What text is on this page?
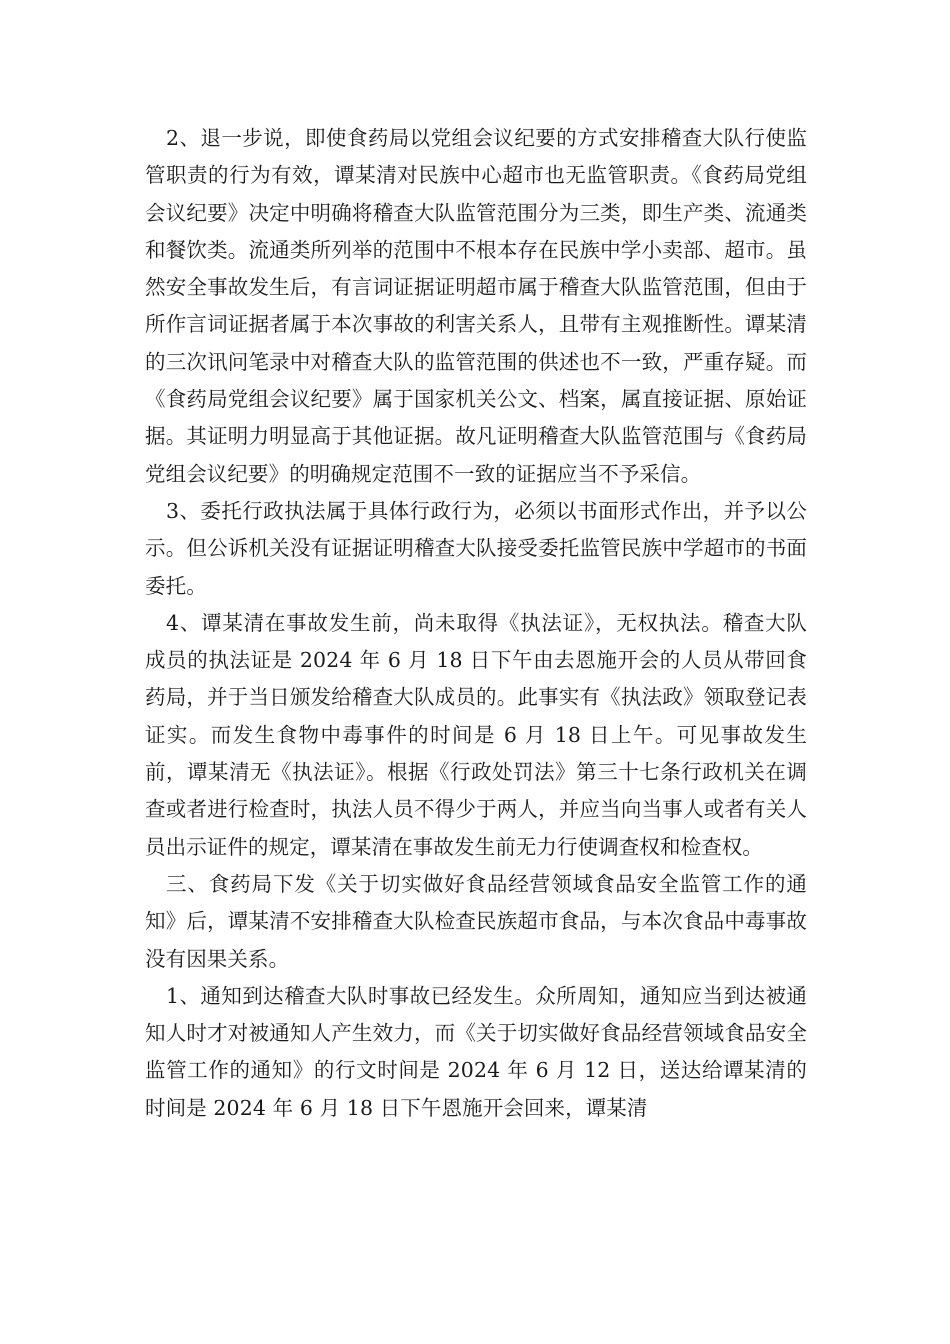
2、退一步说，即使食药局以党组会议纪要的方式安排稽查大队行使监管职责的行为有效，谭某清对民族中心超市也无监管职责。《食药局党组会议纪要》决定中明确将稽查大队监管范围分为三类，即生产类、流通类和餐饮类。流通类所列举的范围中不根本存在民族中学小卖部、超市。虽然安全事故发生后，有言词证据证明超市属于稽查大队监管范围，但由于所作言词证据者属于本次事故的利害关系人，且带有主观推断性。谭某清的三次讯问笔录中对稽查大队的监管范围的供述也不一致，严重存疑。而《食药局党组会议纪要》属于国家机关公文、档案，属直接证据、原始证据。其证明力明显高于其他证据。故凡证明稽查大队监管范围与《食药局党组会议纪要》的明确规定范围不一致的证据应当不予采信。

3、委托行政执法属于具体行政行为，必须以书面形式作出，并予以公示。但公诉机关没有证据证明稽查大队接受委托监管民族中学超市的书面委托。

4、谭某清在事故发生前，尚未取得《执法证》，无权执法。稽查大队成员的执法证是 2024 年 6 月 18 日下午由去恩施开会的人员从带回食药局，并于当日颁发给稽查大队成员的。此事实有《执法政》领取登记表证实。而发生食物中毒事件的时间是 6 月 18 日上午。可见事故发生前，谭某清无《执法证》。根据《行政处罚法》第三十七条行政机关在调查或者进行检查时，执法人员不得少于两人，并应当向当事人或者有关人员出示证件的规定，谭某清在事故发生前无力行使调查权和检查权。

三、食药局下发《关于切实做好食品经营领域食品安全监管工作的通知》后，谭某清不安排稽查大队检查民族超市食品，与本次食品中毒事故没有因果关系。

1、通知到达稽查大队时事故已经发生。众所周知，通知应当到达被通知人时才对被通知人产生效力，而《关于切实做好食品经营领域食品安全监管工作的通知》的行文时间是 2024 年 6 月 12 日，送达给谭某清的时间是 2024 年 6 月 18 日下午恩施开会回来，谭某清
